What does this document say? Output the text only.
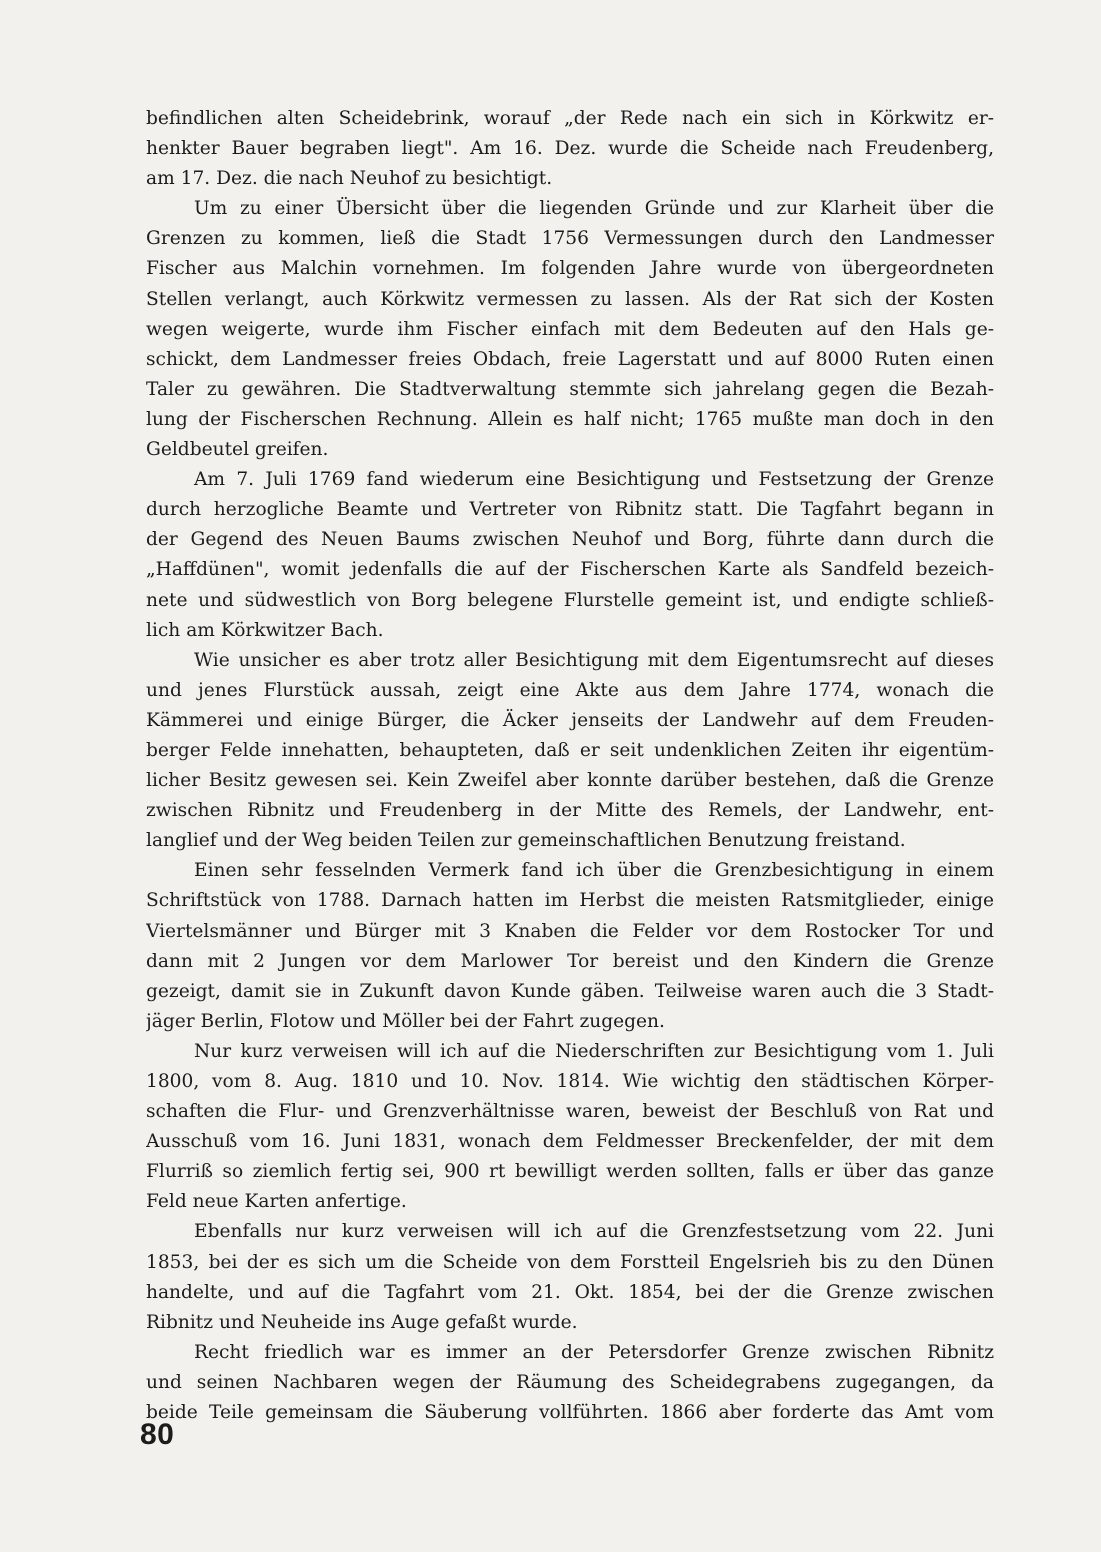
befindlichen alten Scheidebrink, worauf „der Rede nach ein sich in Körkwitz er-
henkter Bauer begraben liegt". Am 16. Dez. wurde die Scheide nach Freudenberg,
am 17. Dez. die nach Neuhof zu besichtigt.
Um zu einer Übersicht über die liegenden Gründe und zur Klarheit über die
Grenzen zu kommen, ließ die Stadt 1756 Vermessungen durch den Landmesser
Fischer aus Malchin vornehmen. Im folgenden Jahre wurde von übergeordneten
Stellen verlangt, auch Körkwitz vermessen zu lassen. Als der Rat sich der Kosten
wegen weigerte, wurde ihm Fischer einfach mit dem Bedeuten auf den Hals ge-
schickt, dem Landmesser freies Obdach, freie Lagerstatt und auf 8000 Ruten einen
Taler zu gewähren. Die Stadtverwaltung stemmte sich jahrelang gegen die Bezah-
lung der Fischerschen Rechnung. Allein es half nicht; 1765 mußte man doch in den
Geldbeutel greifen.
Am 7. Juli 1769 fand wiederum eine Besichtigung und Festsetzung der Grenze
durch herzogliche Beamte und Vertreter von Ribnitz statt. Die Tagfahrt begann in
der Gegend des Neuen Baums zwischen Neuhof und Borg, führte dann durch die
„Haffdünen", womit jedenfalls die auf der Fischerschen Karte als Sandfeld bezeich-
nete und südwestlich von Borg belegene Flurstelle gemeint ist, und endigte schließ-
lich am Körkwitzer Bach.
Wie unsicher es aber trotz aller Besichtigung mit dem Eigentumsrecht auf dieses
und jenes Flurstück aussah, zeigt eine Akte aus dem Jahre 1774, wonach die
Kämmerei und einige Bürger, die Äcker jenseits der Landwehr auf dem Freuden-
berger Felde innehatten, behaupteten, daß er seit undenklichen Zeiten ihr eigentüm-
licher Besitz gewesen sei. Kein Zweifel aber konnte darüber bestehen, daß die Grenze
zwischen Ribnitz und Freudenberg in der Mitte des Remels, der Landwehr, ent-
langlief und der Weg beiden Teilen zur gemeinschaftlichen Benutzung freistand.
Einen sehr fesselnden Vermerk fand ich über die Grenzbesichtigung in einem
Schriftstück von 1788. Darnach hatten im Herbst die meisten Ratsmitglieder, einige
Viertelsmänner und Bürger mit 3 Knaben die Felder vor dem Rostocker Tor und
dann mit 2 Jungen vor dem Marlower Tor bereist und den Kindern die Grenze
gezeigt, damit sie in Zukunft davon Kunde gäben. Teilweise waren auch die 3 Stadt-
jäger Berlin, Flotow und Möller bei der Fahrt zugegen.
Nur kurz verweisen will ich auf die Niederschriften zur Besichtigung vom 1. Juli
1800, vom 8. Aug. 1810 und 10. Nov. 1814. Wie wichtig den städtischen Körper-
schaften die Flur- und Grenzverhältnisse waren, beweist der Beschluß von Rat und
Ausschuß vom 16. Juni 1831, wonach dem Feldmesser Breckenfelder, der mit dem
Flurriß so ziemlich fertig sei, 900 rt bewilligt werden sollten, falls er über das ganze
Feld neue Karten anfertige.
Ebenfalls nur kurz verweisen will ich auf die Grenzfestsetzung vom 22. Juni
1853, bei der es sich um die Scheide von dem Forstteil Engelsrieh bis zu den Dünen
handelte, und auf die Tagfahrt vom 21. Okt. 1854, bei der die Grenze zwischen
Ribnitz und Neuheide ins Auge gefaßt wurde.
Recht friedlich war es immer an der Petersdorfer Grenze zwischen Ribnitz
und seinen Nachbaren wegen der Räumung des Scheidegrabens zugegangen, da
beide Teile gemeinsam die Säuberung vollführten. 1866 aber forderte das Amt vom
80
